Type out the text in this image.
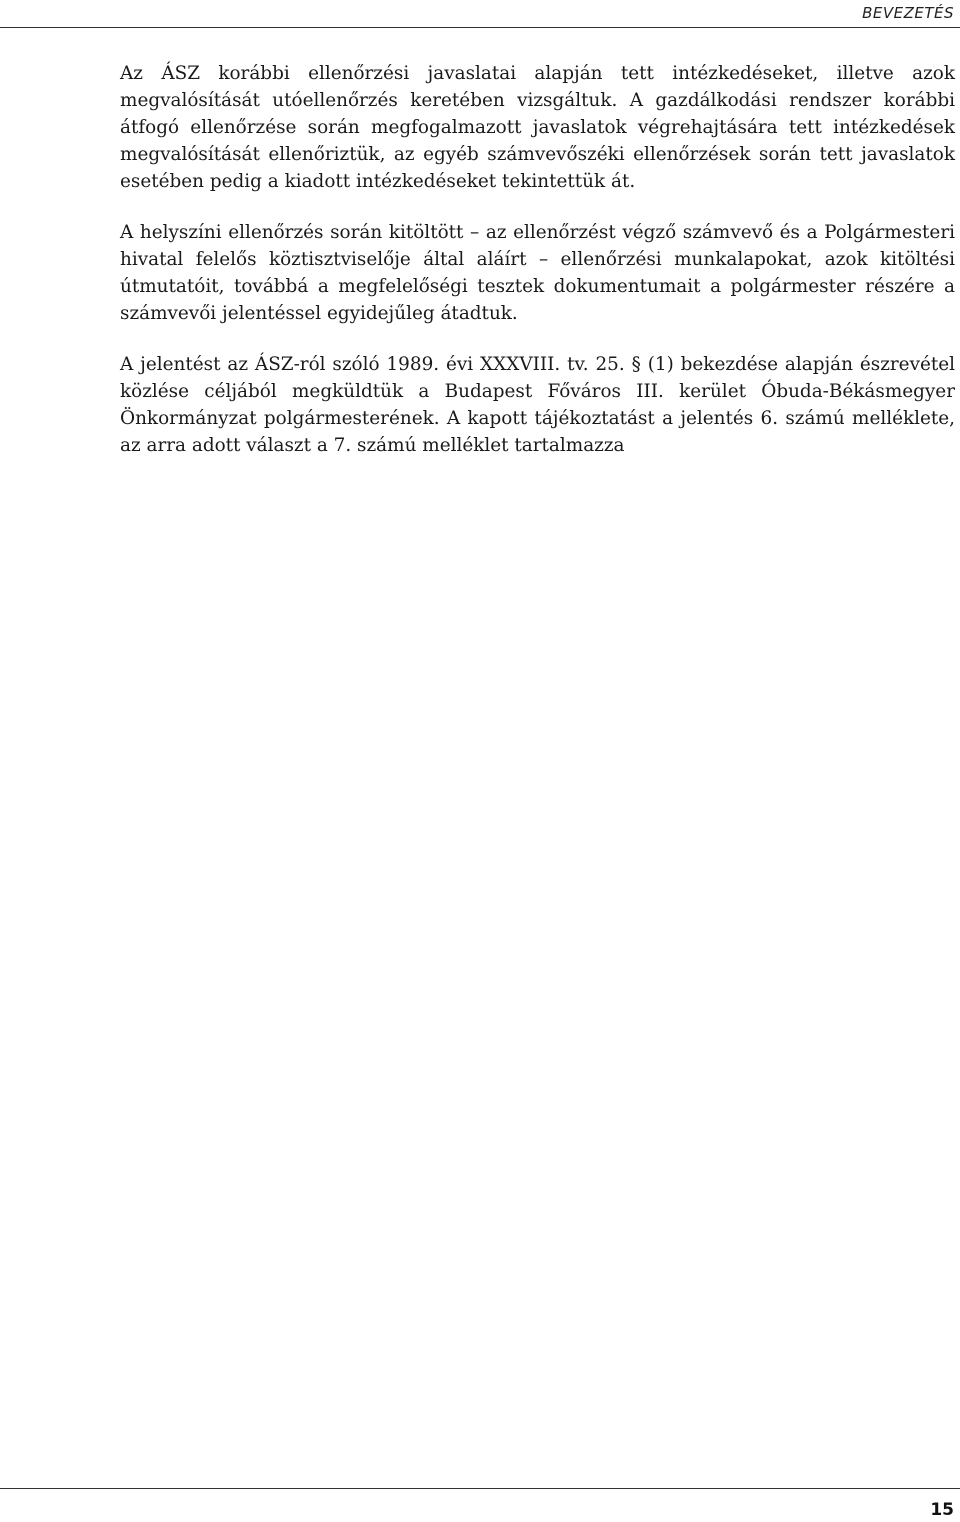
BEVEZETÉS

Az ÁSZ korábbi ellenőrzési javaslatai alapján tett intézkedéseket, illetve azok megvalósítását utóellenőrzés keretében vizsgáltuk. A gazdálkodási rendszer korábbi átfogó ellenőrzése során megfogalmazott javaslatok végrehajtására tett intézkedések megvalósítását ellenőriztük, az egyéb számvevőszéki ellenőrzések során tett javaslatok esetében pedig a kiadott intézkedéseket tekintettük át.

A helyszíni ellenőrzés során kitöltött – az ellenőrzést végző számvevő és a Polgármesteri hivatal felelős köztisztviselője által aláírt – ellenőrzési munkalapokat, azok kitöltési útmutatóit, továbbá a megfelelőségi tesztek dokumentumait a polgármester részére a számvevői jelentéssel egyidejűleg átadtuk.

A jelentést az ÁSZ-ról szóló 1989. évi XXXVIII. tv. 25. § (1) bekezdése alapján észrevétel közlése céljából megküldtük a Budapest Főváros III. kerület Óbuda-Békásmegyer Önkormányzat polgármesterének. A kapott tájékoztatást a jelentés 6. számú melléklete, az arra adott választ a 7. számú melléklet tartalmazza

15
